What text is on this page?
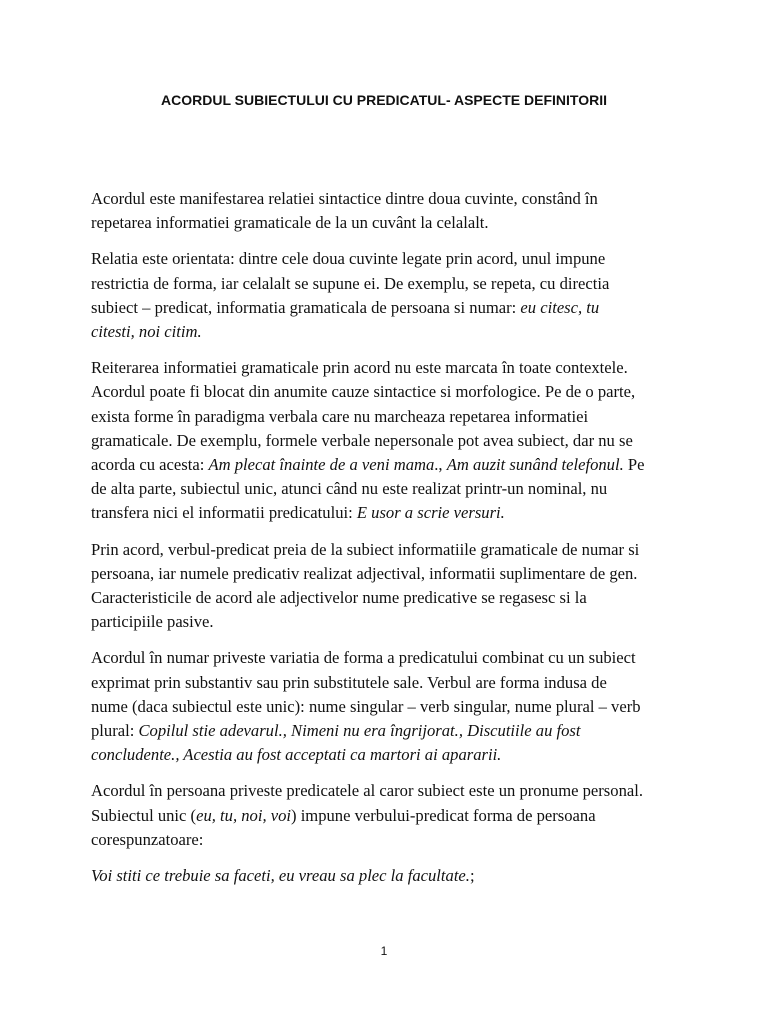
ACORDUL SUBIECTULUI CU PREDICATUL- ASPECTE DEFINITORII

Acordul este manifestarea relatiei sintactice dintre doua cuvinte, constând în
repetarea informatiei gramaticale de la un cuvânt la celalalt.

Relatia este orientata: dintre cele doua cuvinte legate prin acord, unul impune
restrictia de forma, iar celalalt se supune ei. De exemplu, se repeta, cu directia
subiect – predicat, informatia gramaticala de persoana si numar: eu citesc, tu
citesti, noi citim.

Reiterarea informatiei gramaticale prin acord nu este marcata în toate contextele.
Acordul poate fi blocat din anumite cauze sintactice si morfologice. Pe de o parte,
exista forme în paradigma verbala care nu marcheaza repetarea informatiei
gramaticale. De exemplu, formele verbale nepersonale pot avea subiect, dar nu se
acorda cu acesta: Am plecat înainte de a veni mama., Am auzit sunând telefonul. Pe
de alta parte, subiectul unic, atunci când nu este realizat printr-un nominal, nu
transfera nici el informatii predicatului: E usor a scrie versuri.

Prin acord, verbul-predicat preia de la subiect informatiile gramaticale de numar si
persoana, iar numele predicativ realizat adjectival, informatii suplimentare de gen.
Caracteristicile de acord ale adjectivelor nume predicative se regasesc si la
participiile pasive.

Acordul în numar priveste variatia de forma a predicatului combinat cu un subiect
exprimat prin substantiv sau prin substitutele sale. Verbul are forma indusa de
nume (daca subiectul este unic): nume singular – verb singular, nume plural – verb
plural: Copilul stie adevarul., Nimeni nu era îngrijorat., Discutiile au fost
concludente., Acestia au fost acceptati ca martori ai apararii.

Acordul în persoana priveste predicatele al caror subiect este un pronume personal.
Subiectul unic (eu, tu, noi, voi) impune verbului-predicat forma de persoana
corespunzatoare:

Voi stiti ce trebuie sa faceti, eu vreau sa plec la facultate.;

1
